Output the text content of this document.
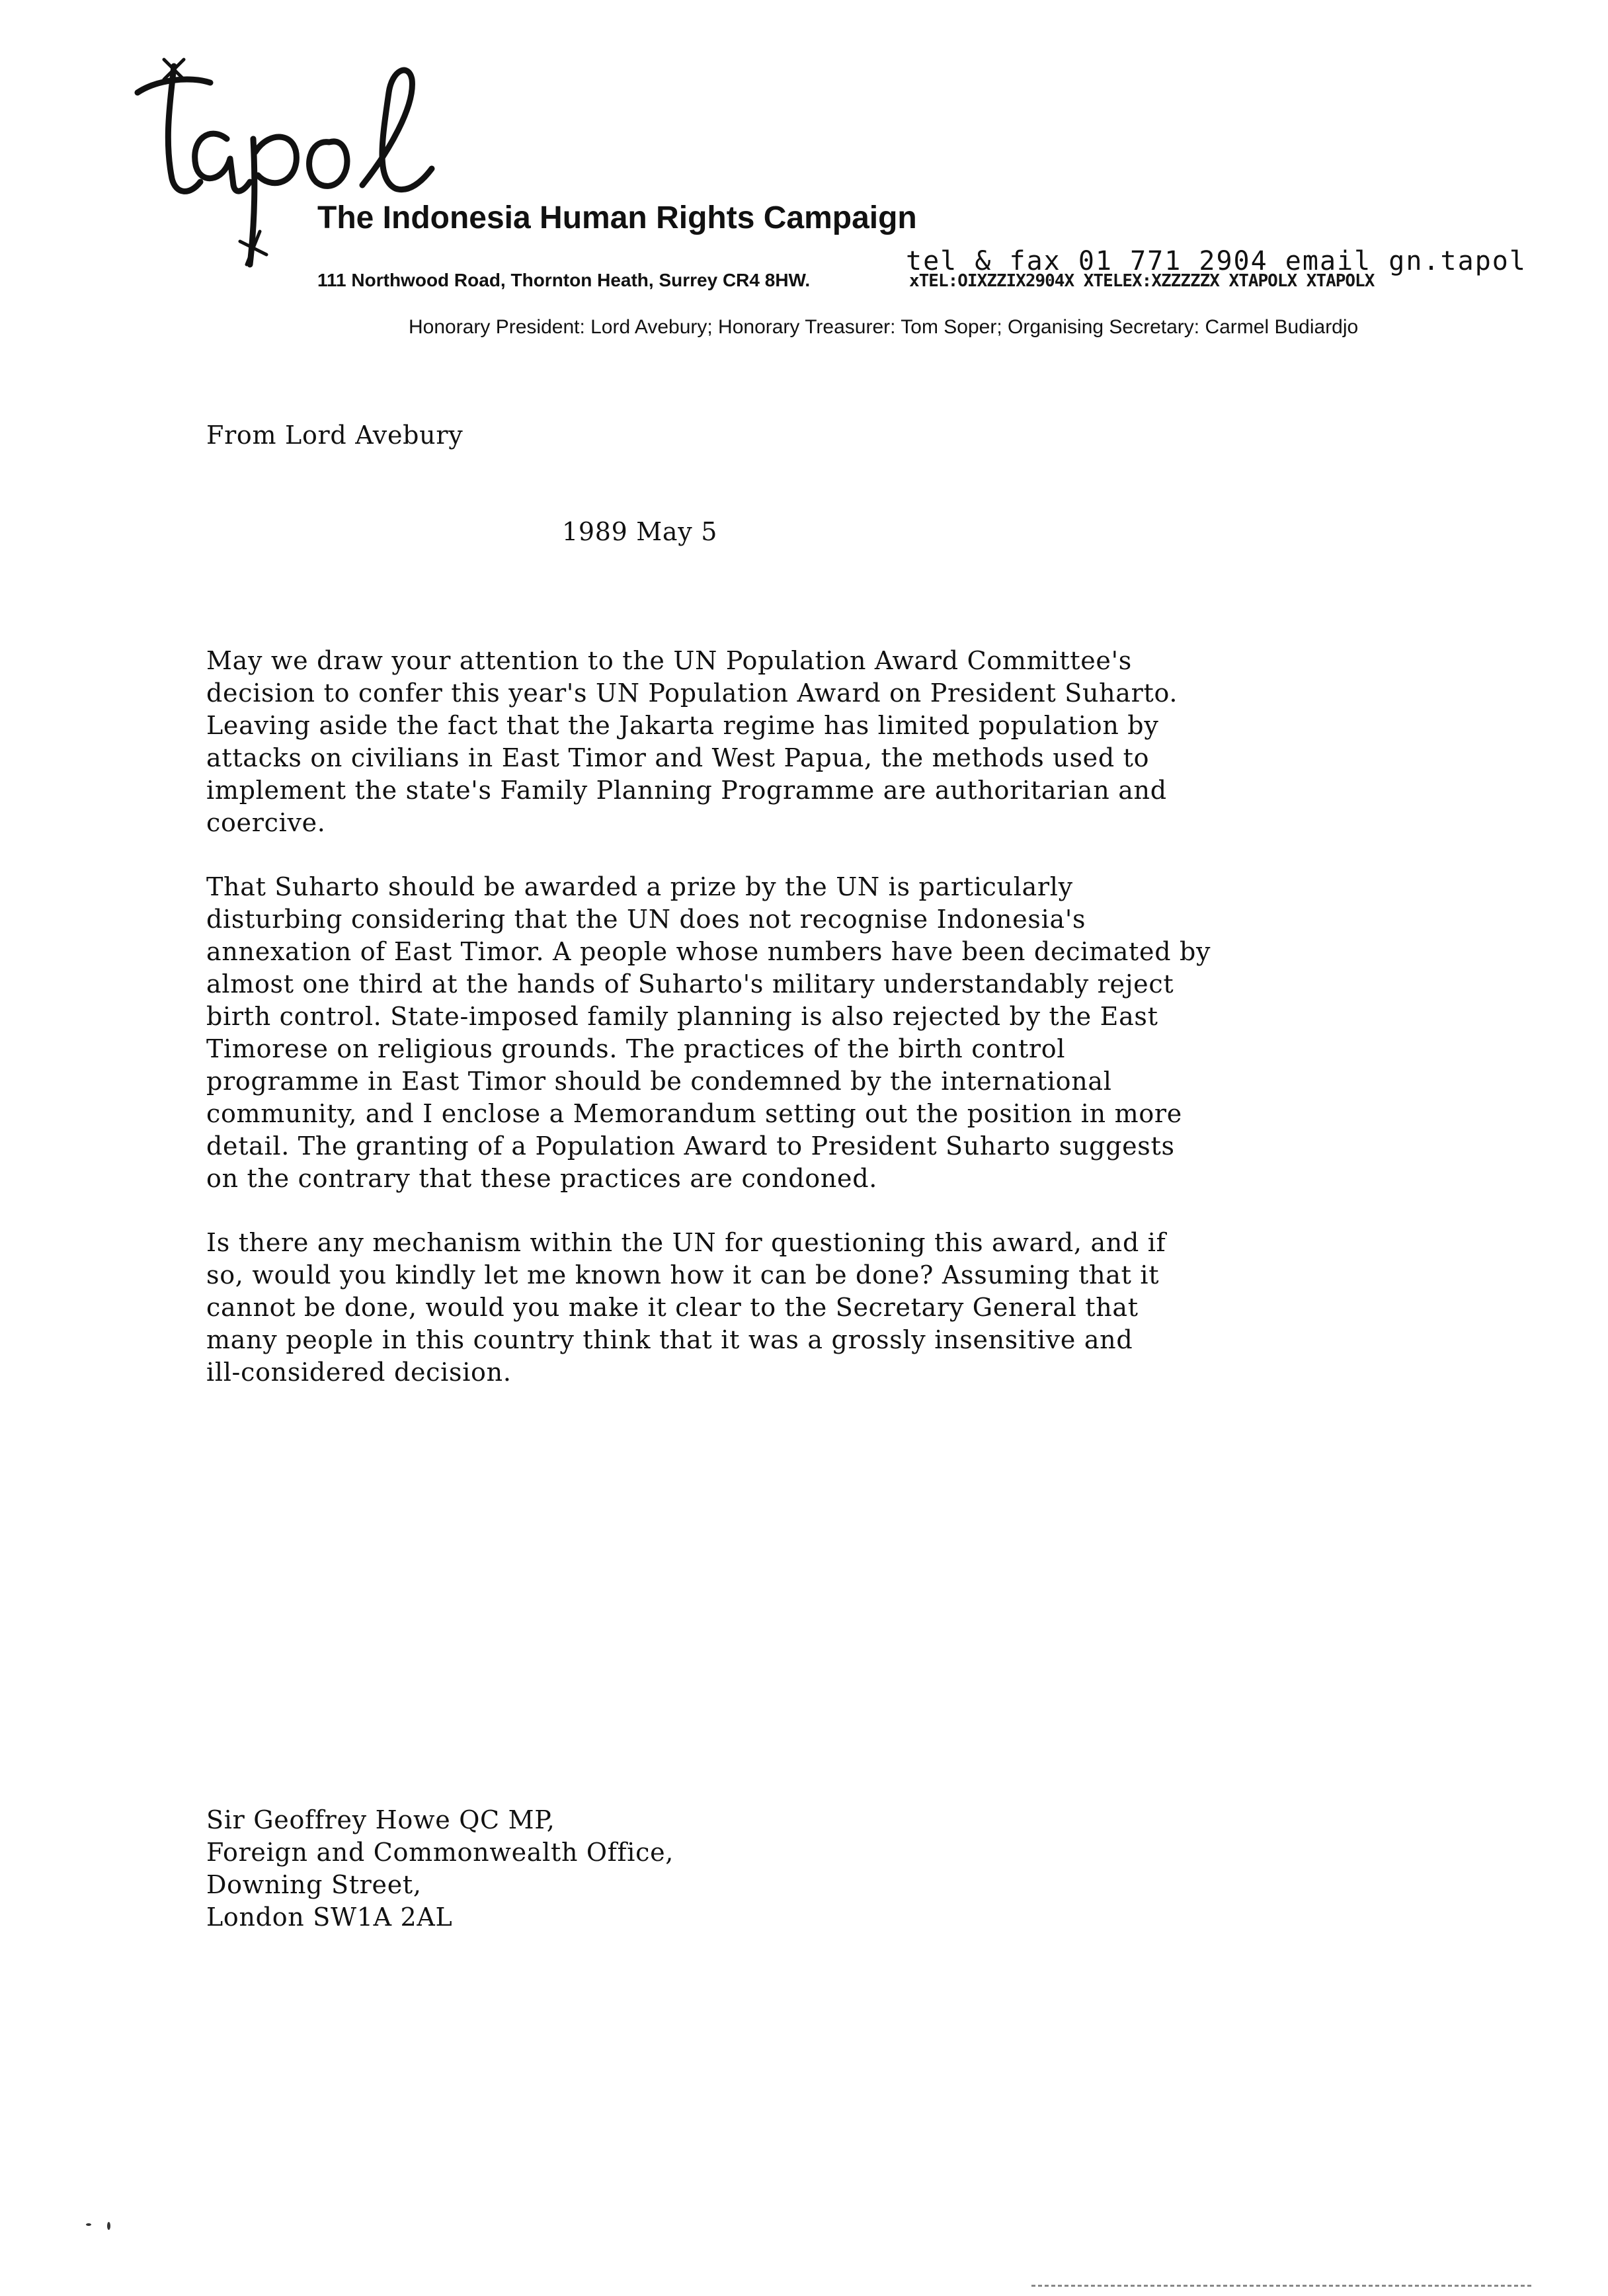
The Indonesia Human Rights Campaign
tel & fax 01 771 2904 email gn.tapol
111 Northwood Road, Thornton Heath, Surrey CR4 8HW.	xTEL:OIXZZIX2904X XTELEX:XZZZZZX XTAPOLX XTAPOLX
Honorary President: Lord Avebury; Honorary Treasurer: Tom Soper; Organising Secretary: Carmel Budiardjo
From Lord Avebury
1989 May 5

May we draw your attention to the UN Population Award Committee's
decision to confer this year's UN Population Award on President Suharto.
Leaving aside the fact that the Jakarta regime has limited population by
attacks on civilians in East Timor and West Papua, the methods used to
implement the state's Family Planning Programme are authoritarian and
coercive.

That Suharto should be awarded a prize by the UN is particularly
disturbing considering that the UN does not recognise Indonesia's
annexation of East Timor. A people whose numbers have been decimated by
almost one third at the hands of Suharto's military understandably reject
birth control. State-imposed family planning is also rejected by the East
Timorese on religious grounds. The practices of the birth control
programme in East Timor should be condemned by the international
community, and I enclose a Memorandum setting out the position in more
detail. The granting of a Population Award to President Suharto suggests
on the contrary that these practices are condoned.

Is there any mechanism within the UN for questioning this award, and if
so, would you kindly let me known how it can be done? Assuming that it
cannot be done, would you make it clear to the Secretary General that
many people in this country think that it was a grossly insensitive and
ill-considered decision.

Sir Geoffrey Howe QC MP,
Foreign and Commonwealth Office,
Downing Street,
London SW1A 2AL
